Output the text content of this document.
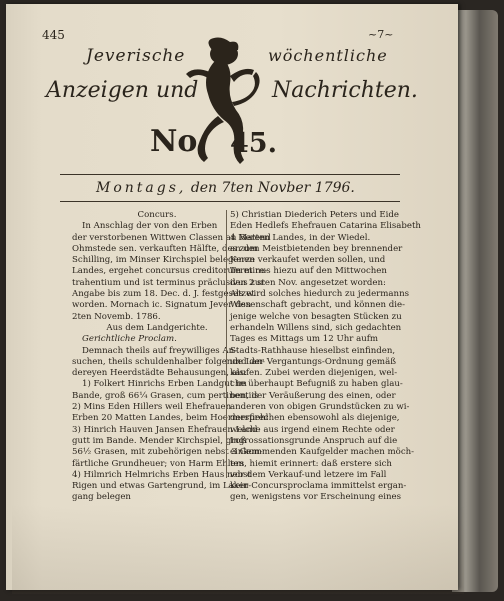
445	~7~
Jeverische	wöchentliche
Anzeigen und	Nachrichten.
No. 45.
Montags, den 7ten Novber 1796.

Concurs.

In Anschlag der von den Erben

der verstorbenen Wittwen Classen an Berend

Ohmstede sen. verkauften Hälfte, des zum

Schilling, im Minser Kirchspiel belegenen

Landes, ergehet concursus creditorum et re-

trahentium und ist terminus präclusivus zur

Angabe bis zum 18. Dec. d. J. festgesetzet

worden. Mornach ic. Signatum Jever den

2ten Novemb. 1786.

Aus dem Landgerichte.

Gerichtliche Proclam.

Demnach theils auf freywilliges An-

suchen, theils schuldenhalber folgende Lan-

dereyen Heerdstädte Behausungen, als:

1) Folkert Hinrichs Erben Landgut im

Bande, groß 66¼ Grasen, cum pertinentiis

2) Mins Eden Hillers weil Ehefrauen

Erben 20 Matten Landes, beim Hoermerfiehl

3) Hinrich Hauven Jansen Ehefrauen Land-

gutt im Bande. Mender Kirchspiel, groß

56½ Grasen, mit zubehörigen nebst 3 Gem-

färtliche Grundheuer; von Harm Ehlers

4) Hilmrich Helmrichs Erben Haus nebst

Rigen und etwas Gartengrund, im Laker-

gang belegen

5) Christian Diederich Peters und Eide

Eden Hedlefs Ehefrauen Catarina Elisabeth

4 Matten Landes, in der Wiedel.

an den Meistbietenden bey brennender

Kerze verkaufet werden sollen, und

Terminus hiezu auf den Mittwochen

den 2 sten Nov. angesetzet worden:

Als wird solches hiedurch zu jedermanns

Wissenschaft gebracht, und können die-

jenige welche von besagten Stücken zu

erhandeln Willens sind, sich gedachten

Tages es Mittags um 12 Uhr aufm

Stadts-Rathhause hieselbst einfinden,

und der Vergantungs-Ordnung gemäß

kaufen. Zubei werden diejenigen, wel-

che überhaupt Befugniß zu haben glau-

ben, der Veräußerung des einen, oder

anderen von obigen Grundstücken zu wi-

dersprechen ebensowohl als diejenige,

welche aus irgend einem Rechte oder

Ingrossationsgrunde Anspruch auf die

einkommenden Kaufgelder machen möch-

ten, hiemit erinnert: daß erstere sich

vor dem Verkauf-und letzere im Fall

kein Concursproclama immittelst ergan-

gen, wenigstens vor Erscheinung eines
